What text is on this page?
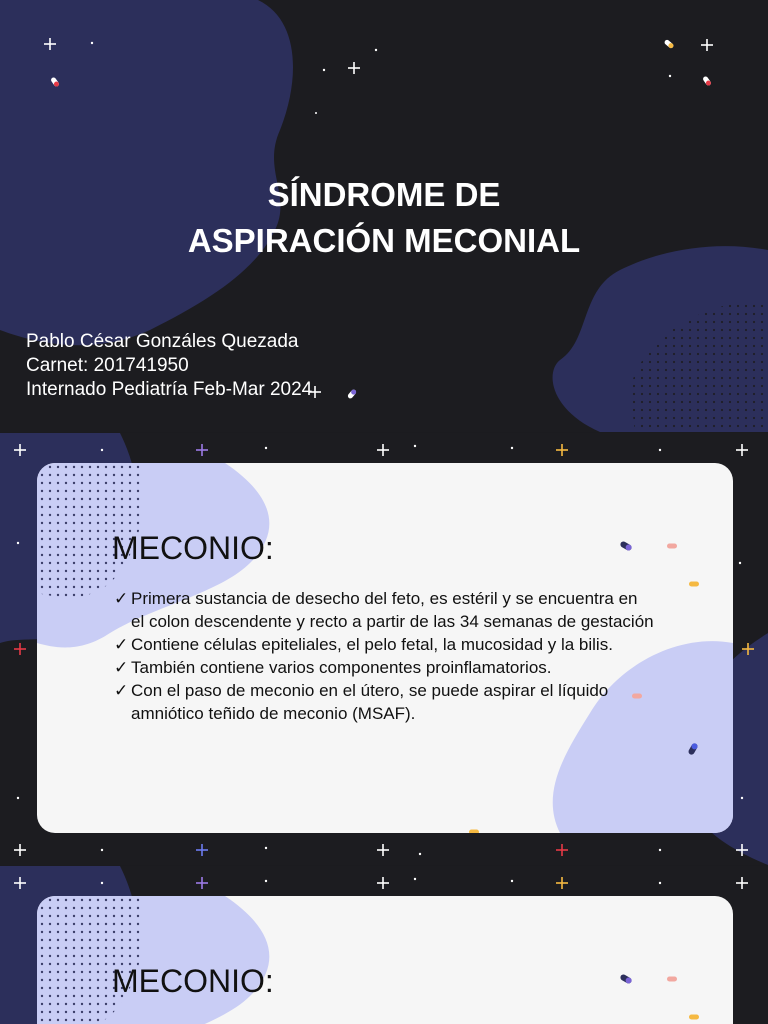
SÍNDROME DE
ASPIRACIÓN MECONIAL
Pablo César Gonzáles Quezada
Carnet: 201741950
Internado Pediatría Feb-Mar 2024
MECONIO:
✓ Primera sustancia de desecho del feto, es estéril y se encuentra en el colon descendente y recto a partir de las 34 semanas de gestación
✓ Contiene células epiteliales, el pelo fetal, la mucosidad y la bilis.
✓ También contiene varios componentes proinflamatorios.
✓ Con el paso de meconio en el útero, se puede aspirar el líquido amniótico teñido de meconio (MSAF).
MECONIO:
